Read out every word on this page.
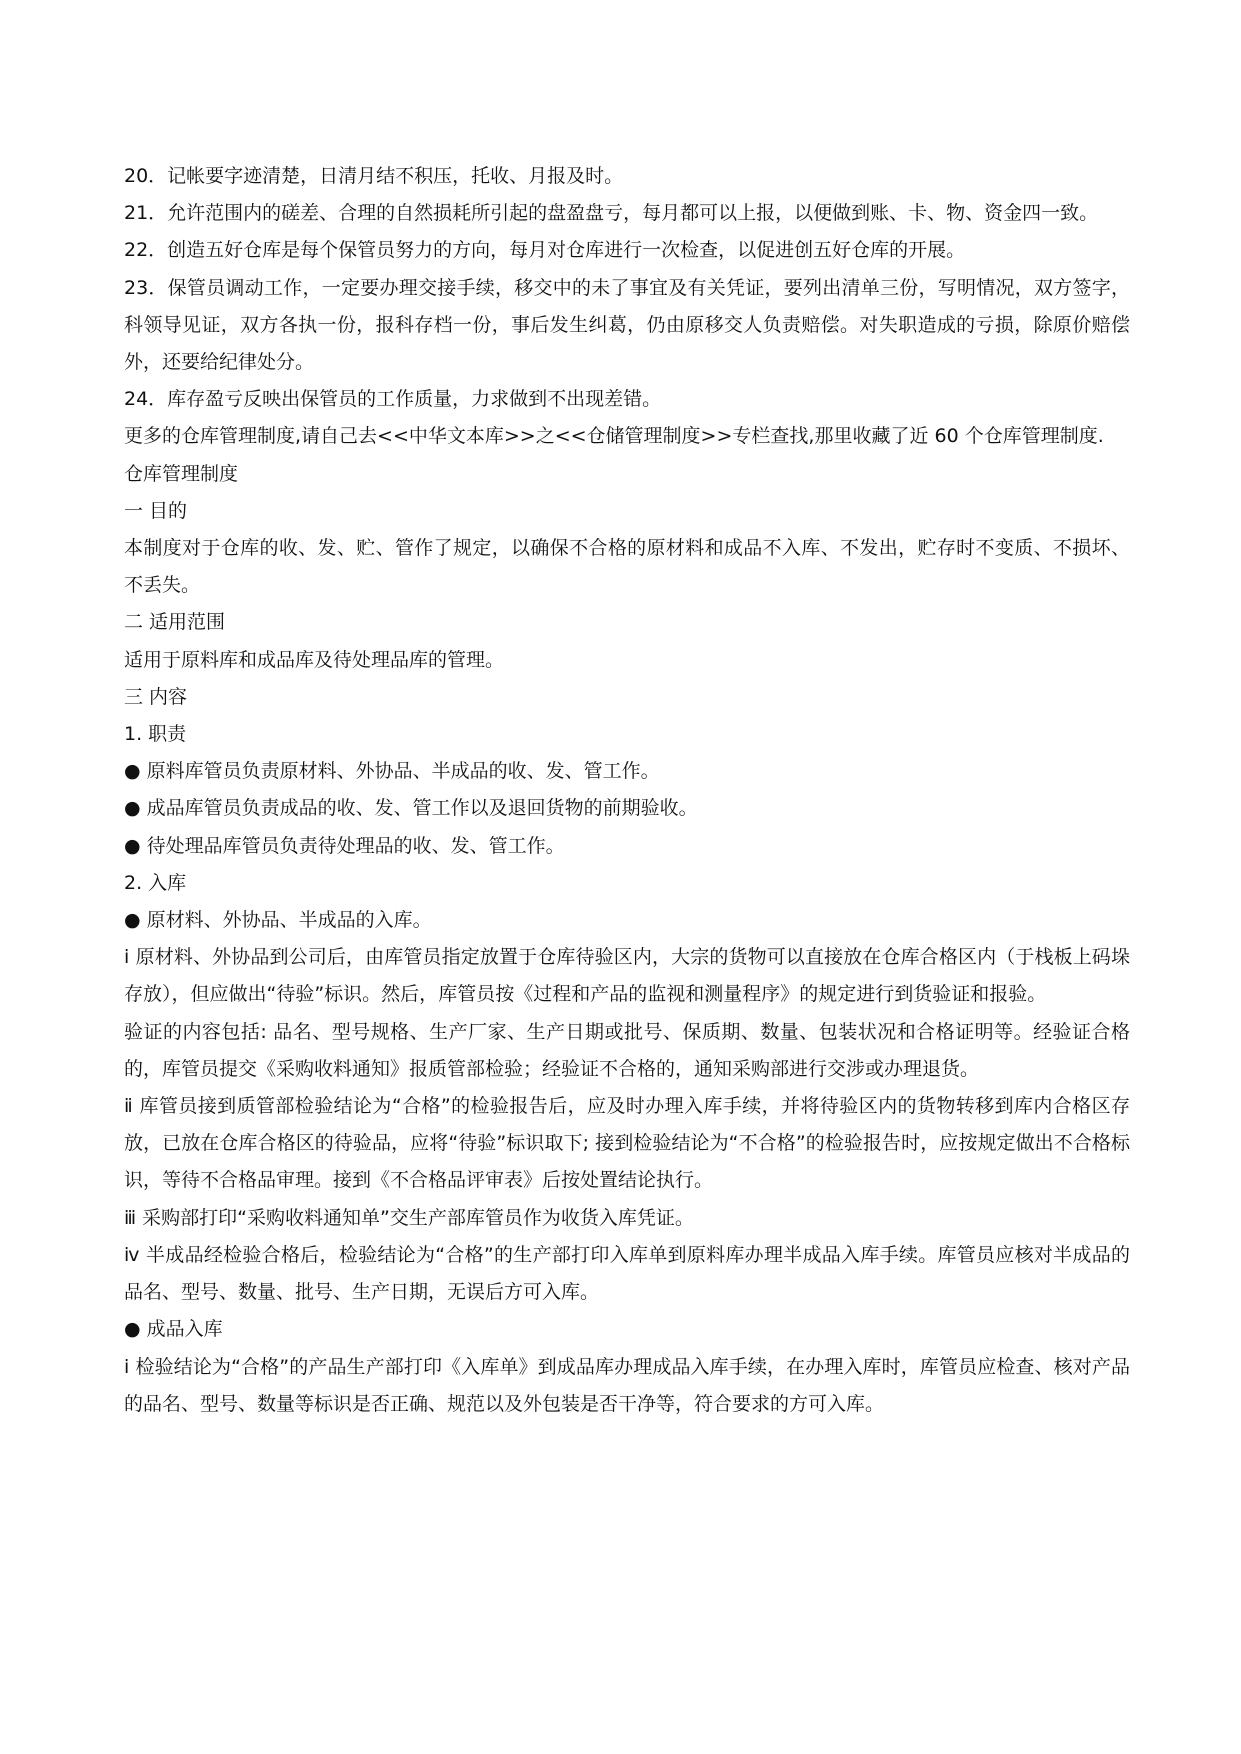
20．记帐要字迹清楚，日清月结不积压，托收、月报及时。

21．允许范围内的磋差、合理的自然损耗所引起的盘盈盘亏，每月都可以上报，以便做到账、卡、物、资金四一致。

22．创造五好仓库是每个保管员努力的方向，每月对仓库进行一次检查，以促进创五好仓库的开展。

23．保管员调动工作，一定要办理交接手续，移交中的未了事宜及有关凭证，要列出清单三份，写明情况，双方签字，科领导见证，双方各执一份，报科存档一份，事后发生纠葛，仍由原移交人负责赔偿。对失职造成的亏损，除原价赔偿外，还要给纪律处分。

24．库存盈亏反映出保管员的工作质量，力求做到不出现差错。

更多的仓库管理制度,请自己去<<中华文本库>>之<<仓储管理制度>>专栏查找,那里收藏了近 60 个仓库管理制度.

仓库管理制度

一 目的

本制度对于仓库的收、发、贮、管作了规定，以确保不合格的原材料和成品不入库、不发出，贮存时不变质、不损坏、不丢失。

二 适用范围

适用于原料库和成品库及待处理品库的管理。

三 内容

1. 职责

● 原料库管员负责原材料、外协品、半成品的收、发、管工作。

● 成品库管员负责成品的收、发、管工作以及退回货物的前期验收。

● 待处理品库管员负责待处理品的收、发、管工作。

2. 入库

● 原材料、外协品、半成品的入库。

ⅰ 原材料、外协品到公司后，由库管员指定放置于仓库待验区内，大宗的货物可以直接放在仓库合格区内（于栈板上码垛存放），但应做出“待验”标识。然后，库管员按《过程和产品的监视和测量程序》的规定进行到货验证和报验。

验证的内容包括: 品名、型号规格、生产厂家、生产日期或批号、保质期、数量、包装状况和合格证明等。经验证合格的，库管员提交《采购收料通知》报质管部检验；经验证不合格的，通知采购部进行交涉或办理退货。

ⅱ 库管员接到质管部检验结论为“合格”的检验报告后，应及时办理入库手续，并将待验区内的货物转移到库内合格区存放，已放在仓库合格区的待验品，应将“待验”标识取下; 接到检验结论为“不合格”的检验报告时，应按规定做出不合格标识，等待不合格品审理。接到《不合格品评审表》后按处置结论执行。

ⅲ 采购部打印“采购收料通知单”交生产部库管员作为收货入库凭证。

ⅳ 半成品经检验合格后，检验结论为“合格”的生产部打印入库单到原料库办理半成品入库手续。库管员应核对半成品的品名、型号、数量、批号、生产日期，无误后方可入库。

● 成品入库

ⅰ 检验结论为“合格”的产品生产部打印《入库单》到成品库办理成品入库手续，在办理入库时，库管员应检查、核对产品的品名、型号、数量等标识是否正确、规范以及外包装是否干净等，符合要求的方可入库。
